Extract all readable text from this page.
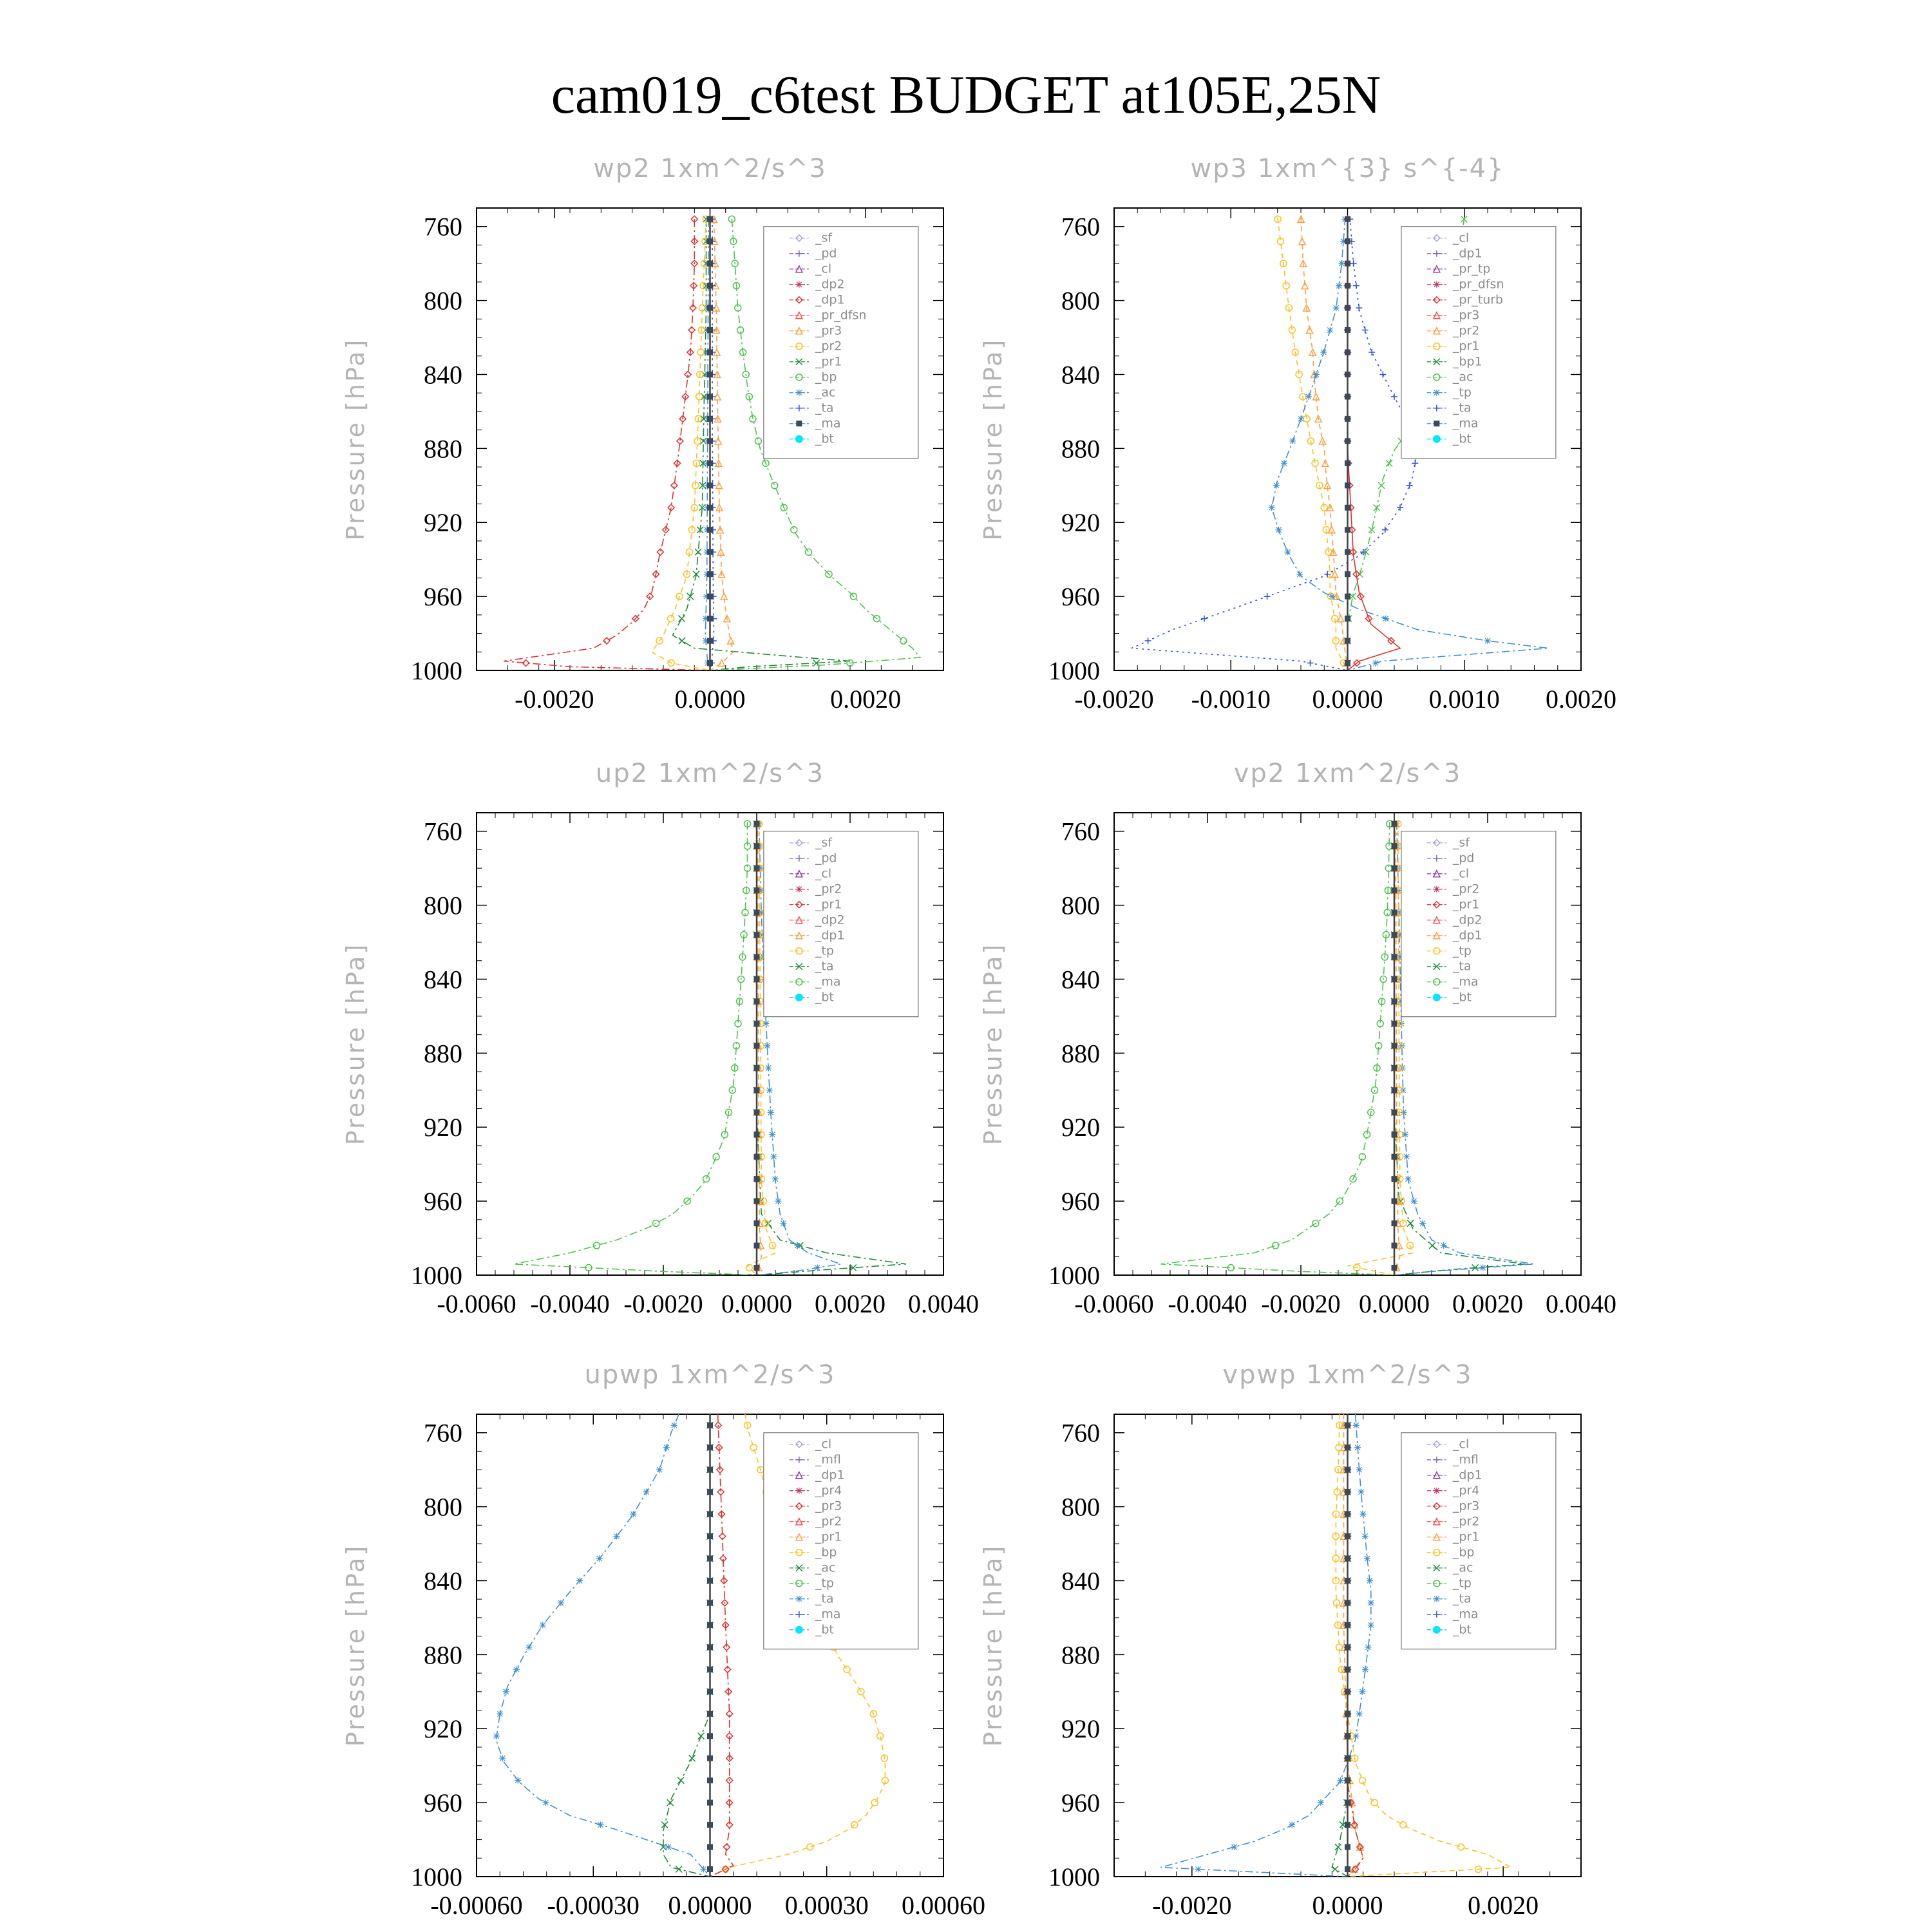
cam019_c6test BUDGET at105E,25N
wp2 1xm^2/s^3
Pressure [hPa]
760
800
840
880
920
960
1000
-0.0020	0.0000	0.0020
_sf
_pd
_cl
_dp2
_dp1
_pr_dfsn
_pr3
_pr2
_pr1
_bp
_ac
_ta
_ma
_bt
wp3 1xm^{3} s^{-4}
Pressure [hPa]
760
800
840
880
920
960
1000
-0.0020 -0.0010 0.0000 0.0010 0.0020
_cl
_dp1
_pr_tp
_pr_dfsn
_pr_turb
_pr3
_pr2
_pr1
_bp1
_ac
_tp
_ta
_ma
_bt
up2 1xm^2/s^3
Pressure [hPa]
760
800
840
880
920
960
1000
-0.0060 -0.0040 -0.0020 0.0000 0.0020 0.0040
_sf
_pd
_cl
_pr2
_pr1
_dp2
_dp1
_tp
_ta
_ma
_bt
vp2 1xm^2/s^3
Pressure [hPa]
760
800
840
880
920
960
1000
-0.0060 -0.0040 -0.0020 0.0000 0.0020 0.0040
_sf
_pd
_cl
_pr2
_pr1
_dp2
_dp1
_tp
_ta
_ma
_bt
upwp 1xm^2/s^3
Pressure [hPa]
760
800
840
880
920
960
1000
-0.00060 -0.00030 0.00000 0.00030 0.00060
_cl
_mfl
_dp1
_pr4
_pr3
_pr2
_pr1
_bp
_ac
_tp
_ta
_ma
_bt
vpwp 1xm^2/s^3
Pressure [hPa]
760
800
840
880
920
960
1000
-0.0020	0.0000	0.0020
_cl
_mfl
_dp1
_pr4
_pr3
_pr2
_pr1
_bp
_ac
_tp
_ta
_ma
_bt
